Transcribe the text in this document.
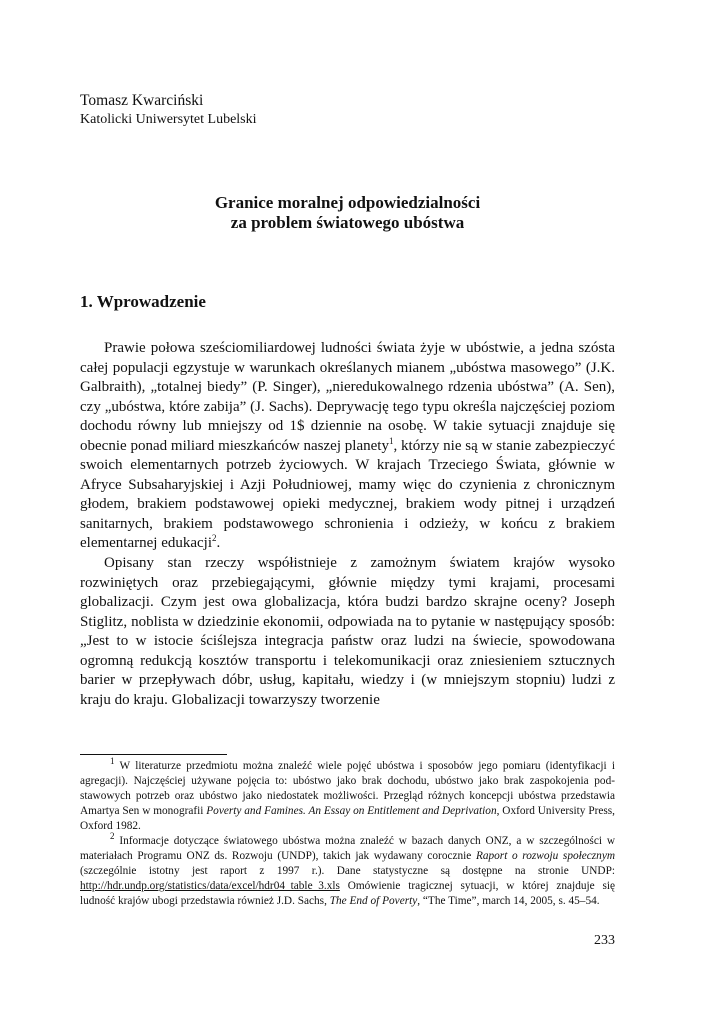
Tomasz Kwarciński
Katolicki Uniwersytet Lubelski
Granice moralnej odpowiedzialności
za problem światowego ubóstwa
1. Wprowadzenie

Prawie połowa sześciomiliardowej ludności świata żyje w ubóstwie, a jedna szósta całej populacji egzystuje w warunkach określanych mianem „ubóstwa masowego” (J.K. Galbraith), „totalnej biedy” (P. Singer), „nieredukowalnego rdzenia ubóstwa” (A. Sen), czy „ubóstwa, które zabija” (J. Sachs). Deprywację tego typu określa najczęściej poziom dochodu równy lub mniejszy od 1$ dziennie na osobę. W takie sytuacji znajduje się obecnie ponad miliard mieszkańców naszej planety$^1$, którzy nie są w stanie zabezpieczyć swoich elementarnych potrzeb życiowych. W krajach Trzeciego Świata, głównie w Afryce Subsaharyjskiej i Azji Południowej, mamy więc do czynienia z chronicznym głodem, brakiem podstawowej opieki medycznej, brakiem wody pitnej i urządzeń sanitarnych, brakiem podstawowego schronienia i odzieży, w końcu z brakiem elementarnej edukacji$^2$.

Opisany stan rzeczy współistnieje z zamożnym światem krajów wysoko rozwiniętych oraz przebiegającymi, głównie między tymi krajami, procesami globalizacji. Czym jest owa globalizacja, która budzi bardzo skrajne oceny? Joseph Stiglitz, noblista w dziedzinie ekonomii, odpowiada na to pytanie w następujący sposób: „Jest to w istocie ściślejsza integracja państw oraz ludzi na świecie, spowodowana ogromną redukcją kosztów transportu i telekomunikacji oraz zniesieniem sztucznych barier w przepływach dóbr, usług, kapitału, wiedzy i (w mniejszym stopniu) ludzi z kraju do kraju. Globalizacji towarzyszy tworzenie

$^1$ W literaturze przedmiotu można znaleźć wiele pojęć ubóstwa i sposobów jego pomiaru (identyfikacji i agregacji). Najczęściej używane pojęcia to: ubóstwo jako brak dochodu, ubóstwo jako brak zaspokojenia podstawowych potrzeb oraz ubóstwo jako niedostatek możliwości. Przegląd różnych koncepcji ubóstwa przedstawia Amartya Sen w monografii Poverty and Famines. An Essay on Entitlement and Deprivation, Oxford University Press, Oxford 1982.

$^2$ Informacje dotyczące światowego ubóstwa można znaleźć w bazach danych ONZ, a w szczególności w materiałach Programu ONZ ds. Rozwoju (UNDP), takich jak wydawany corocznie Raport o rozwoju społecznym (szczególnie istotny jest raport z 1997 r.). Dane statystyczne są dostępne na stronie UNDP: http://hdr.undp.org/statistics/data/excel/hdr04_table_3.xls Omówienie tragicznej sytuacji, w której znajduje się ludność krajów ubogi przedstawia również J.D. Sachs, The End of Poverty, “The Time”, march 14, 2005, s. 45–54.

233
